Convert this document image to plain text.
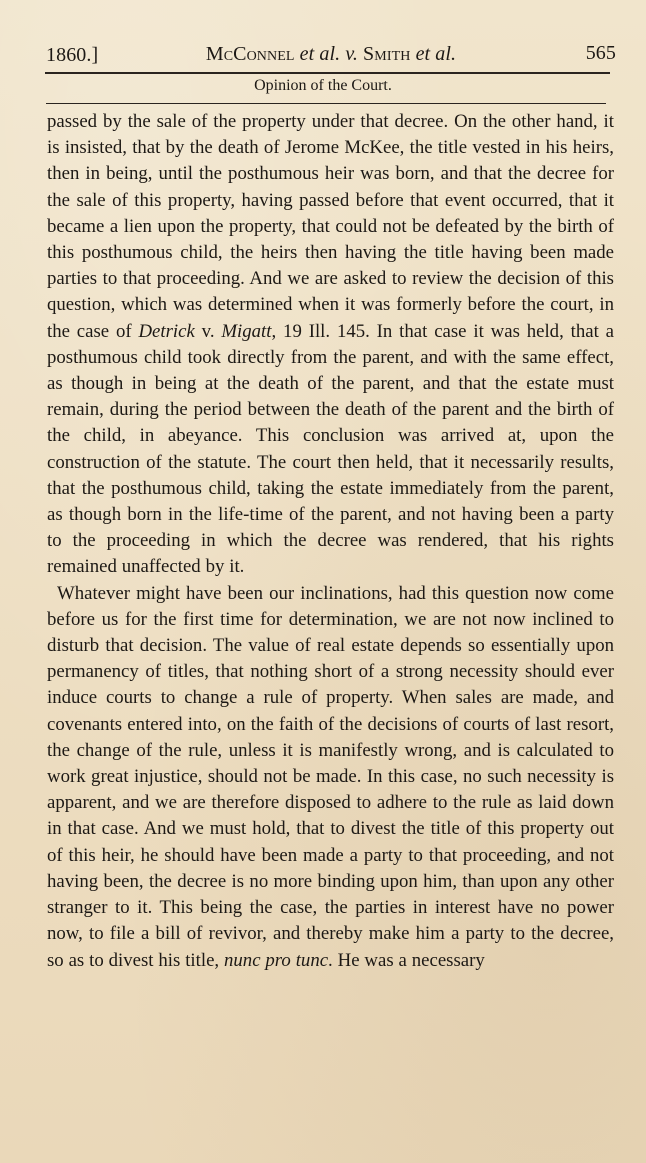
1860.]	McConnel et al. v. Smith et al.	565
Opinion of the Court.

passed by the sale of the property under that decree. On the other hand, it is insisted, that by the death of Jerome McKee, the title vested in his heirs, then in being, until the posthumous heir was born, and that the decree for the sale of this property, having passed before that event occurred, that it became a lien upon the property, that could not be defeated by the birth of this posthumous child, the heirs then having the title having been made parties to that proceeding. And we are asked to review the decision of this question, which was determined when it was formerly before the court, in the case of Detrick v. Migatt, 19 Ill. 145. In that case it was held, that a posthumous child took directly from the parent, and with the same effect, as though in being at the death of the parent, and that the estate must remain, during the period between the death of the parent and the birth of the child, in abeyance. This conclusion was arrived at, upon the construction of the statute. The court then held, that it necessarily results, that the posthumous child, taking the estate immediately from the parent, as though born in the life-time of the parent, and not having been a party to the proceeding in which the decree was rendered, that his rights remained unaffected by it.

Whatever might have been our inclinations, had this question now come before us for the first time for determination, we are not now inclined to disturb that decision. The value of real estate depends so essentially upon permanency of titles, that nothing short of a strong necessity should ever induce courts to change a rule of property. When sales are made, and covenants entered into, on the faith of the decisions of courts of last resort, the change of the rule, unless it is manifestly wrong, and is calculated to work great injustice, should not be made. In this case, no such necessity is apparent, and we are therefore disposed to adhere to the rule as laid down in that case. And we must hold, that to divest the title of this property out of this heir, he should have been made a party to that proceeding, and not having been, the decree is no more binding upon him, than upon any other stranger to it. This being the case, the parties in interest have no power now, to file a bill of revivor, and thereby make him a party to the decree, so as to divest his title, nunc pro tunc. He was a necessary
